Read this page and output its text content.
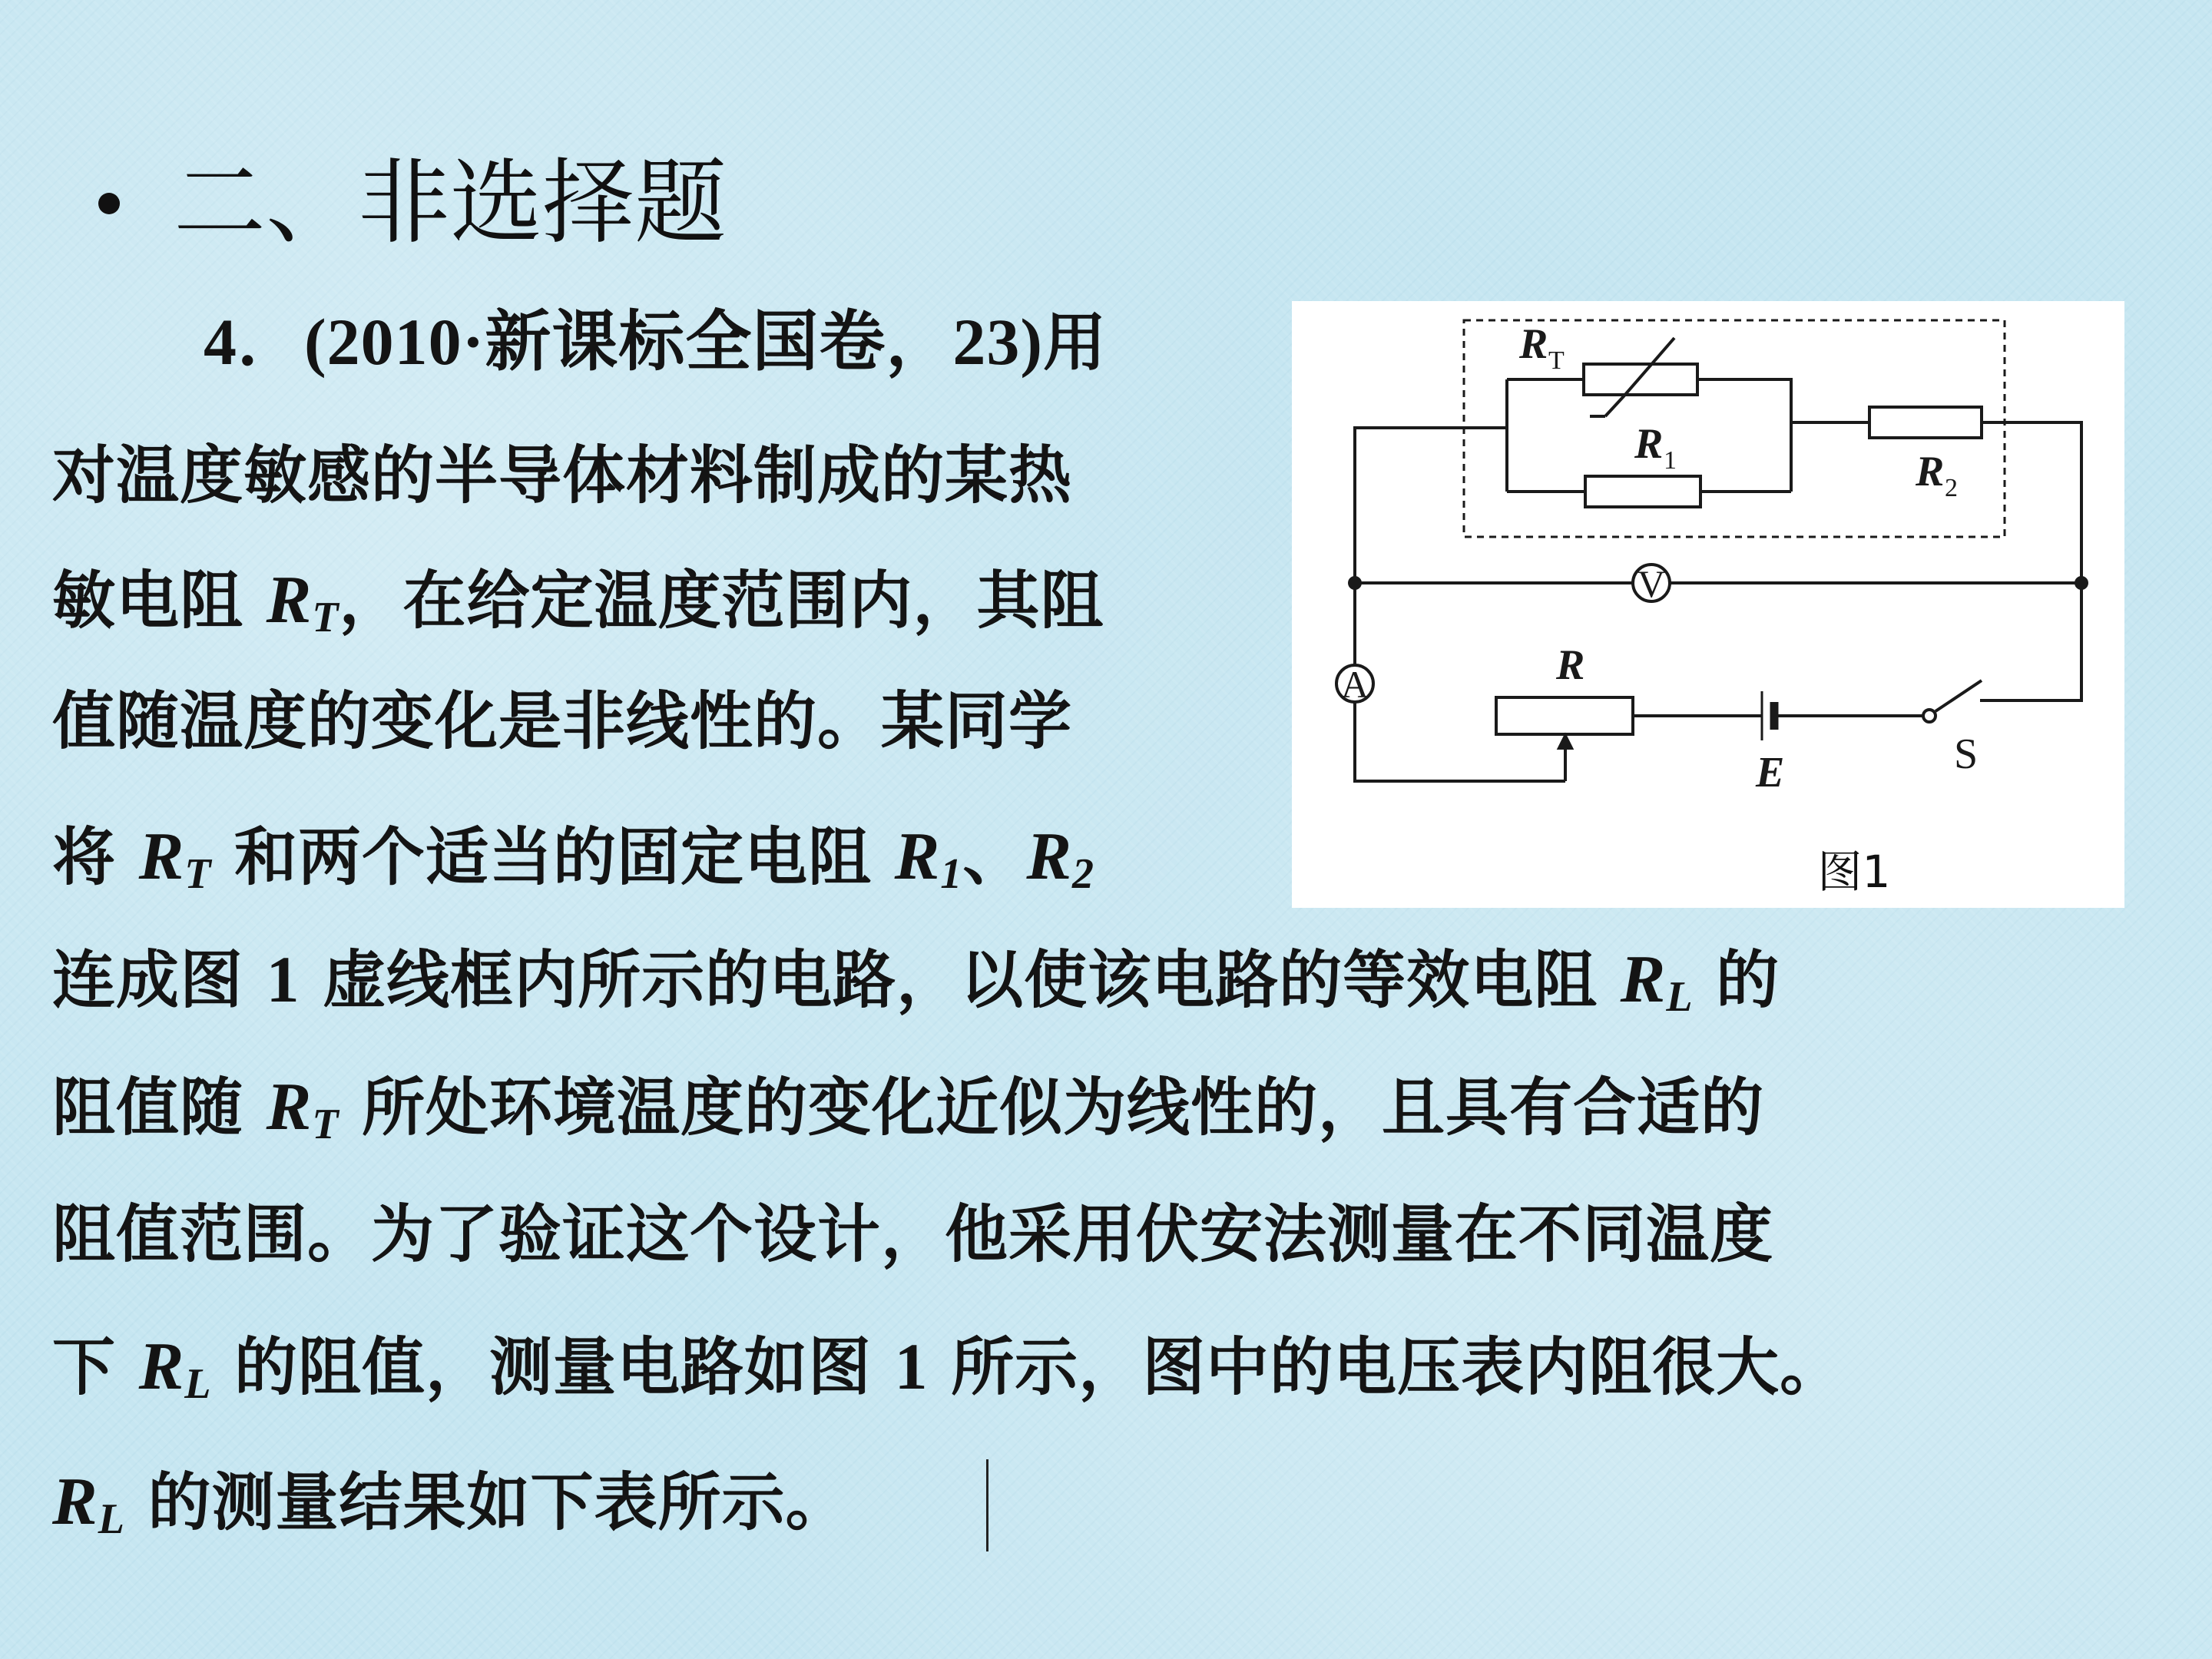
二、非选择题
4．(2010·新课标全国卷，23)用
对温度敏感的半导体材料制成的某热
敏电阻 $R_T$，在给定温度范围内，其阻
值随温度的变化是非线性的。某同学
将 $R_T$ 和两个适当的固定电阻 $R_1$、$R_2$
连成图 1 虚线框内所示的电路，以使该电路的等效电阻 $R_L$ 的
阻值随 $R_T$ 所处环境温度的变化近似为线性的，且具有合适的
阻值范围。为了验证这个设计，他采用伏安法测量在不同温度
下 $R_L$ 的阻值，测量电路如图 1 所示，图中的电压表内阻很大。
$R_L$ 的测量结果如下表所示。
R T
R 1	R 2
R
E
V
A
S
图1
